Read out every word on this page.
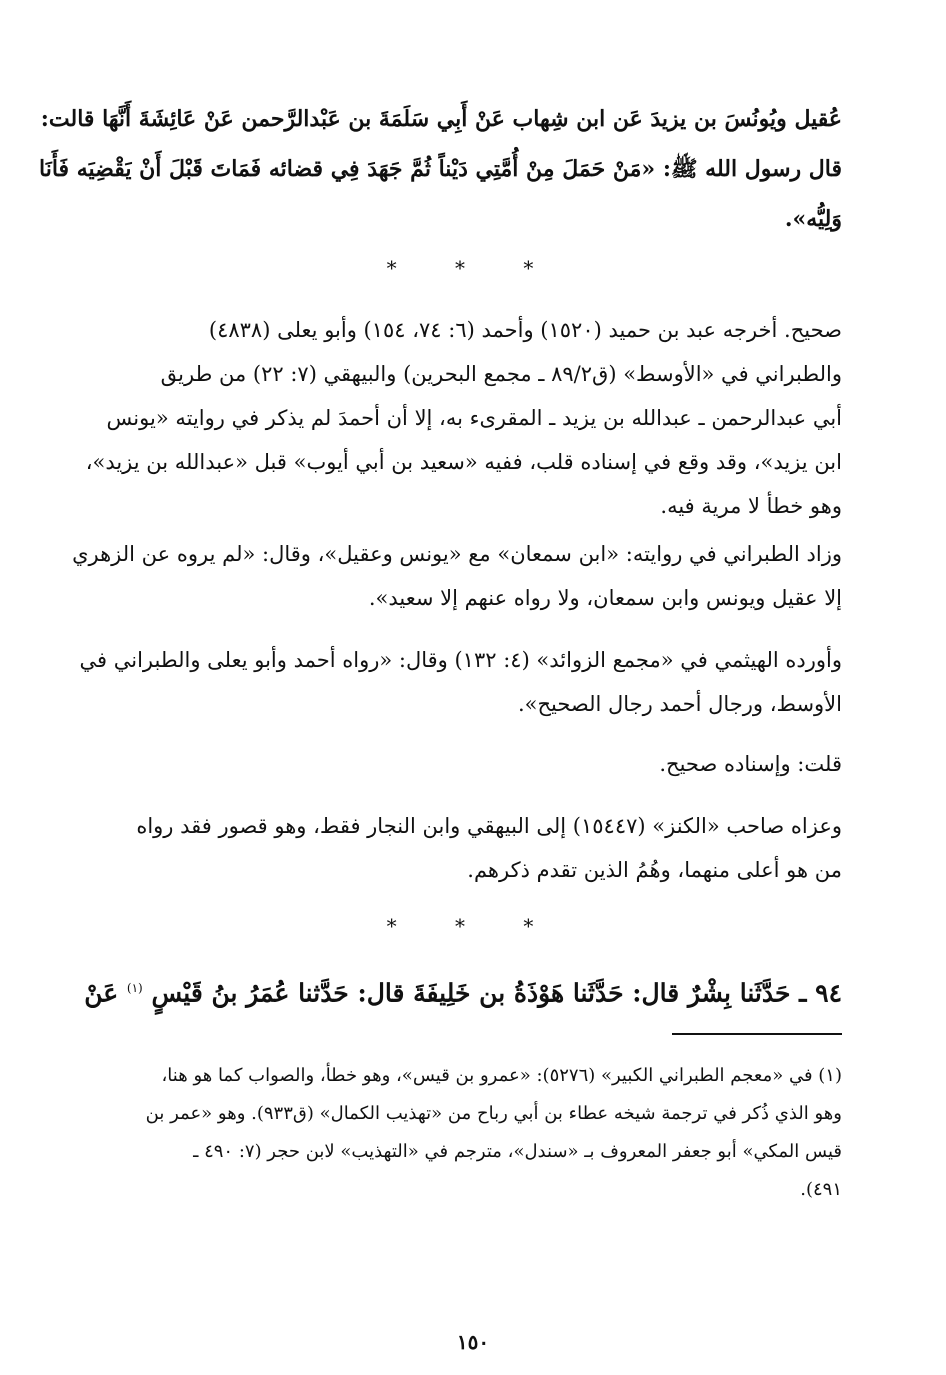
عُقيل ويُونُسَ بن يزيدَ عَن ابن شِهاب عَنْ أَبِي سَلَمَةَ بن عَبْدالرَّحمن عَنْ عَائِشَةَ أَنَّهَا قالت:
قال رسول الله ﷺ: «مَنْ حَمَلَ مِنْ أُمَّتِي دَيْناً ثُمَّ جَهَدَ فِي قضائه فَمَاتَ قَبْلَ أَنْ يَقْضِيَه فَأَنَا
وَلِيُّه».
* * *
صحيح. أخرجه عبد بن حميد (١٥٢٠) وأحمد (٦: ٧٤، ١٥٤) وأبو يعلى (٤٨٣٨)
والطبراني في «الأوسط» (ق٨٩/٢ ـ مجمع البحرين) والبيهقي (٧: ٢٢) من طريق
أبي عبدالرحمن ـ عبدالله بن يزيد ـ المقرىء به، إلا أن أحمدَ لم يذكر في روايته «يونس
ابن يزيد»، وقد وقع في إسناده قلب، ففيه «سعيد بن أبي أيوب» قبل «عبدالله بن يزيد»،
وهو خطأ لا مرية فيه.
وزاد الطبراني في روايته: «ابن سمعان» مع «يونس وعقيل»، وقال: «لم يروه عن الزهري
إلا عقيل ويونس وابن سمعان، ولا رواه عنهم إلا سعيد».
وأورده الهيثمي في «مجمع الزوائد» (٤: ١٣٢) وقال: «رواه أحمد وأبو يعلى والطبراني في
الأوسط، ورجال أحمد رجال الصحيح».
قلت: وإسناده صحيح.
وعزاه صاحب «الكنز» (١٥٤٤٧) إلى البيهقي وابن النجار فقط، وهو قصور فقد رواه
من هو أعلى منهما، وهُمُ الذين تقدم ذكرهم.
* * *
٩٤ ـ حَدَّثَنا بِشْرٌ قال: حَدَّثَنا هَوْذَةُ بن خَلِيفَةَ قال: حَدَّثنا عُمَرُ بنُ قَيْسٍ $^{(١)}$ عَنْ
(١) في «معجم الطبراني الكبير» (٥٢٧٦): «عمرو بن قيس»، وهو خطأ، والصواب كما هو هنا،
وهو الذي ذُكر في ترجمة شيخه عطاء بن أبي رباح من «تهذيب الكمال» (ق٩٣٣). وهو «عمر بن
قيس المكي» أبو جعفر المعروف بـ «سندل»، مترجم في «التهذيب» لابن حجر (٧: ٤٩٠ ـ
٤٩١).
١٥٠
